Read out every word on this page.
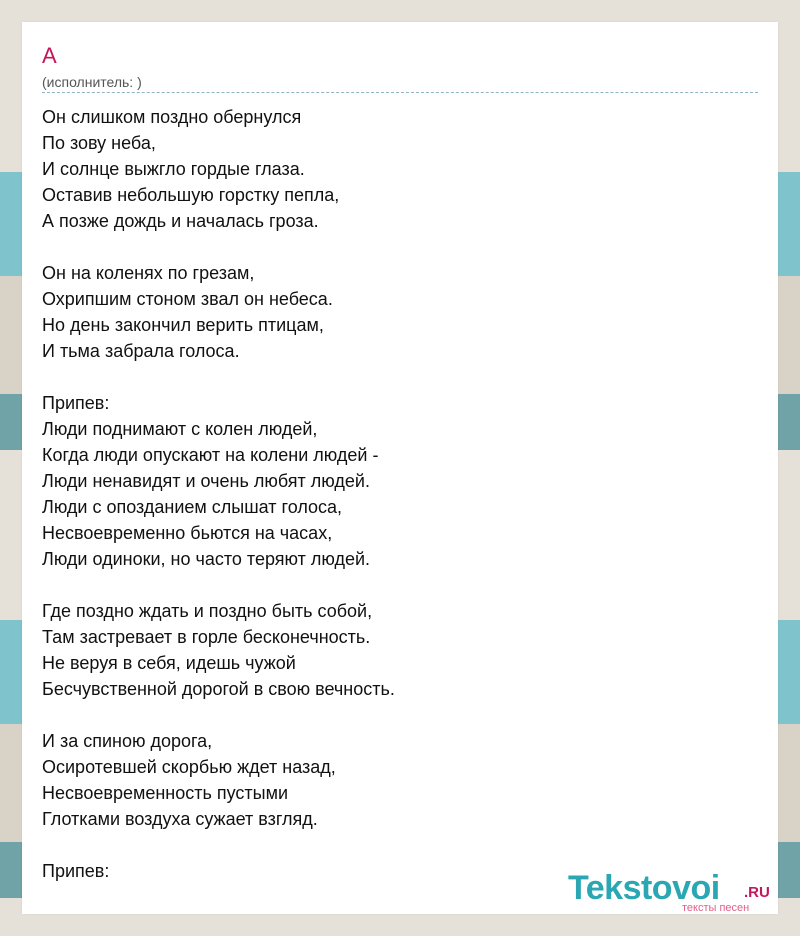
А
(исполнитель: )
Он слишком поздно обернулся
По зову неба,
И солнце выжгло гордые глаза.
Оставив небольшую горстку пепла,
А позже дождь и началась гроза.
Он на коленях по грезам,
Охрипшим стоном звал он небеса.
Но день закончил верить птицам,
И тьма забрала голоса.
Припев:
Люди поднимают с колен людей,
Когда люди опускают на колени людей -
Люди ненавидят и очень любят людей.
Люди с опозданием слышат голоса,
Несвоевременно бьются на часах,
Люди одиноки, но часто теряют людей.
Где поздно ждать и поздно быть собой,
Там застревает в горле бесконечность.
Не веруя в себя, идешь чужой
Бесчувственной дорогой в свою вечность.
И за спиною дорога,
Осиротевшей скорбью ждет назад,
Несвоевременность пустыми
Глотками воздуха сужает взгляд.
Припев:	Tekstovoi .RU
тексты песен
